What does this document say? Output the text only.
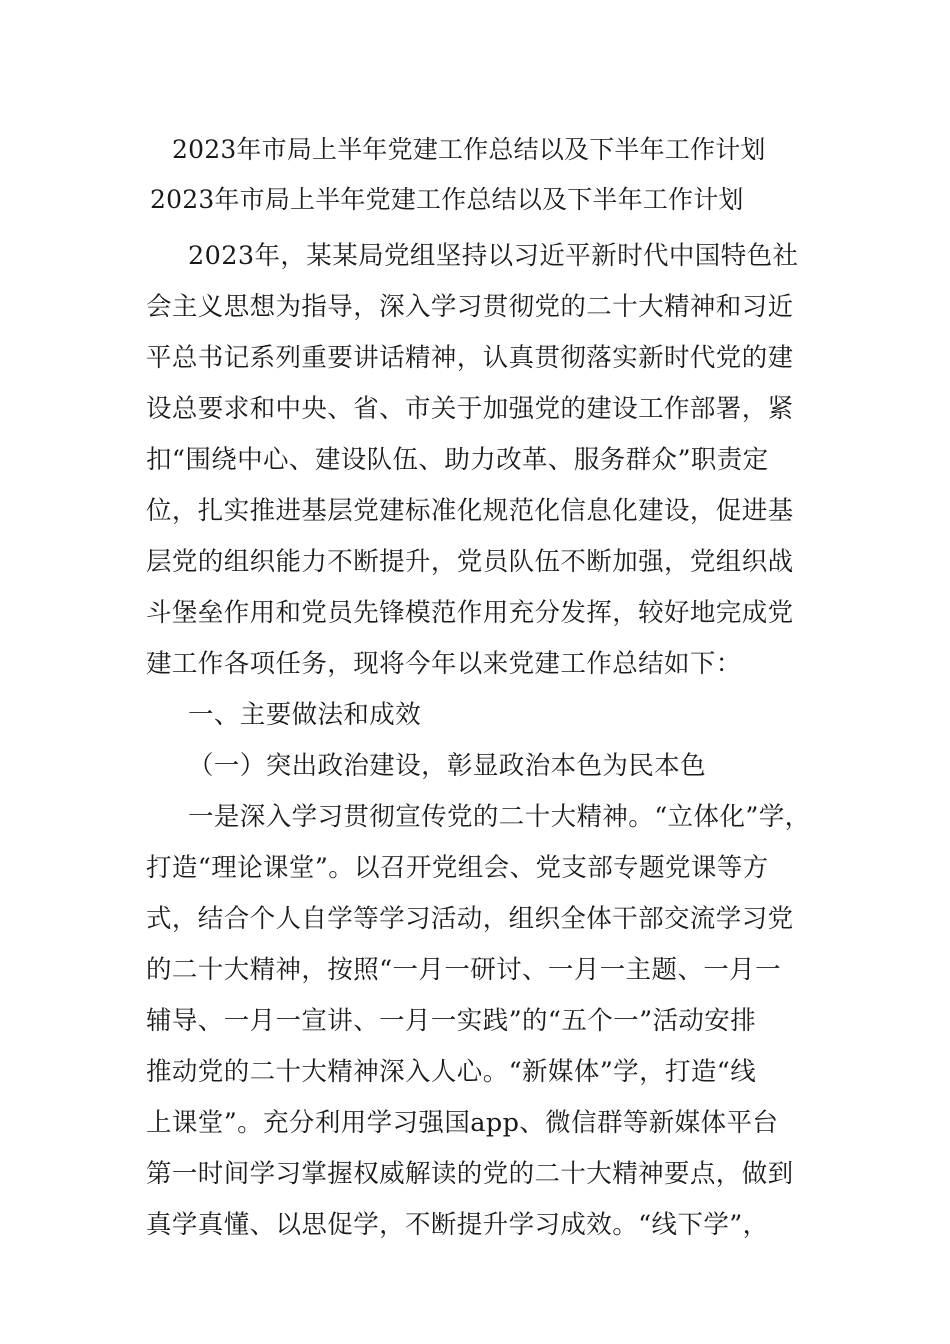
2023年市局上半年党建工作总结以及下半年工作计划
2023年市局上半年党建工作总结以及下半年工作计划
2023年，某某局党组坚持以习近平新时代中国特色社
会主义思想为指导，深入学习贯彻党的二十大精神和习近
平总书记系列重要讲话精神，认真贯彻落实新时代党的建
设总要求和中央、省、市关于加强党的建设工作部署，紧
扣“围绕中心、建设队伍、助力改革、服务群众”职责定
位，扎实推进基层党建标准化规范化信息化建设，促进基
层党的组织能力不断提升，党员队伍不断加强，党组织战
斗堡垒作用和党员先锋模范作用充分发挥，较好地完成党
建工作各项任务，现将今年以来党建工作总结如下：
一、主要做法和成效
（一）突出政治建设，彰显政治本色为民本色
一是深入学习贯彻宣传党的二十大精神。“立体化”学，
打造“理论课堂”。以召开党组会、党支部专题党课等方
式，结合个人自学等学习活动，组织全体干部交流学习党
的二十大精神，按照“一月一研讨、一月一主题、一月一
辅导、一月一宣讲、一月一实践”的“五个一”活动安排
推动党的二十大精神深入人心。“新媒体”学，打造“线
上课堂”。充分利用学习强国app、微信群等新媒体平台
第一时间学习掌握权威解读的党的二十大精神要点，做到
真学真懂、以思促学，不断提升学习成效。“线下学”，
